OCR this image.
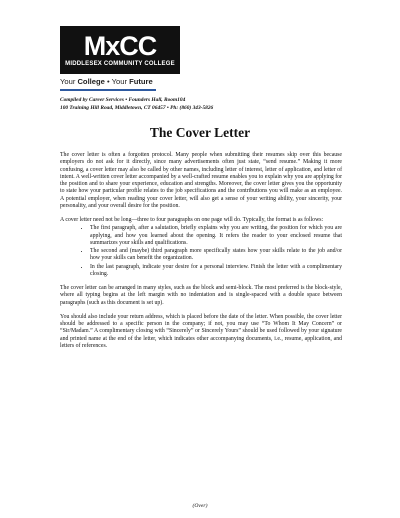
MxCC
MIDDLESEX COMMUNITY COLLEGE
Your College • Your Future
Compiled by Career Services • Founders Hall, Room104
100 Training Hill Road, Middletown, CT 06457 • Ph: (860) 343-5826
The Cover Letter

The cover letter is often a forgotten protocol. Many people when submitting their resumes skip over this because employers do not ask for it directly, since many advertisements often just state, “send resume.” Making it more confusing, a cover letter may also be called by other names, including letter of interest, letter of application, and letter of intent. A well-written cover letter accompanied by a well-crafted resume enables you to explain why you are applying for the position and to share your experience, education and strengths. Moreover, the cover letter gives you the opportunity to state how your particular profile relates to the job specifications and the contributions you will make as an employee. A potential employer, when reading your cover letter, will also get a sense of your writing ability, your sincerity, your personality, and your overall desire for the position.

A cover letter need not be long—three to four paragraphs on one page will do. Typically, the format is as follows:

• The first paragraph, after a salutation, briefly explains why you are writing, the position for which you are applying, and how you learned about the opening. It refers the reader to your enclosed resume that summarizes your skills and qualifications.
• The second and (maybe) third paragraph more specifically states how your skills relate to the job and/or how your skills can benefit the organization.
• In the last paragraph, indicate your desire for a personal interview. Finish the letter with a complimentary closing.

The cover letter can be arranged in many styles, such as the block and semi-block. The most preferred is the block-style, where all typing begins at the left margin with no indentation and is single-spaced with a double space between paragraphs (such as this document is set up).

You should also include your return address, which is placed before the date of the letter. When possible, the cover letter should be addressed to a specific person in the company; if not, you may use “To Whom It May Concern” or “Sir/Madam.” A complimentary closing with “Sincerely” or Sincerely Yours” should be used followed by your signature and printed name at the end of the letter, which indicates other accompanying documents, i.e., resume, application, and letters of references.

(Over)
